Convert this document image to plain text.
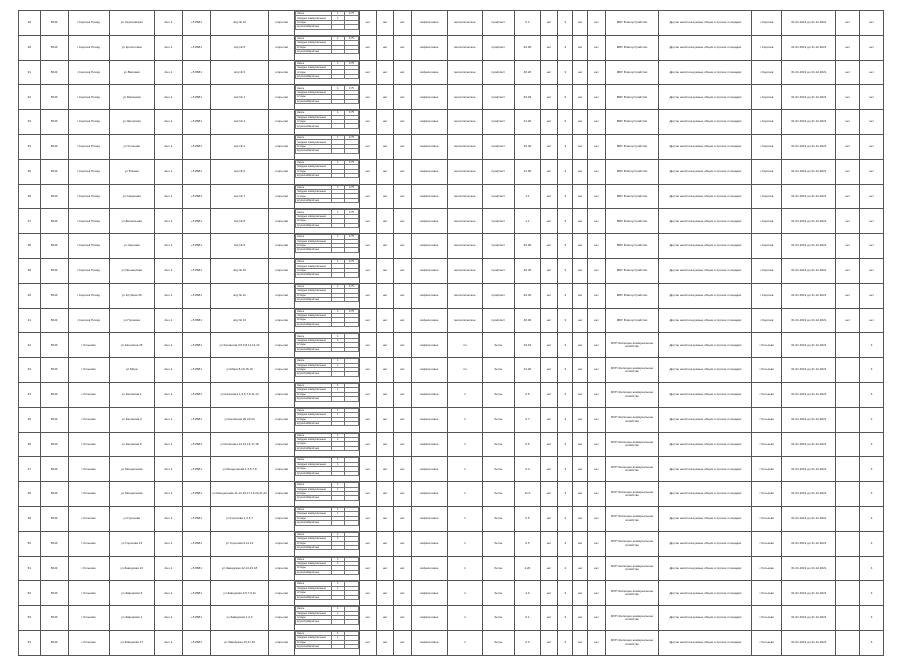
29	5043	г.Сергиев Посад	ул.Сергиевская	2а к.1	+5 8681	ж/д № 12	открытая	
смесь	1	0.75
твердые коммунальные	1	
отходы		
крупногабаритные		
	нет	нет	нет	асфальтовое	металлическое	профлист	0.4	нет	3	нет	нет	МБУ Благоустройство	Другие неиспользуемые общие и прочие площадки	г.Сергиев	01.01.2019 до 31.12.2021	нет	нет
30	5043	г.Сергиев Посад	ул.Кропоткина	2а к.1	+5 8681	ж/д № 5	открытая	
смесь	1	0.75
твердые коммунальные		
отходы		
крупногабаритные		
	нет	нет	нет	асфальтовое	металлическое	профлист	40.00	нет	3	нет	нет	МБУ Благоустройство	Другие неиспользуемые общие и прочие площадки	г.Сергиев	01.01.2019 до 31.12.2021	нет	нет
31	5043	г.Сергиев Посад	ул.Валовая	2а к.1	+5 8681	ж/д № 3	открытая	
смесь	1	0.75
твердые коммунальные		
отходы		
крупногабаритные		
	нет	нет	нет	асфальтовое	металлическое	профлист	40.20	нет	3	нет	нет	МБУ Благоустройство	Другие неиспользуемые общие и прочие площадки	г.Сергиев	01.01.2019 до 31.12.2021	нет	нет
32	5043	г.Сергиев Посад	ул.Матвеева	2а к.1	+5 8681	ж/д № 1	открытая	
смесь	1	0.75
твердые коммунальные		
отходы		
крупногабаритные		
	нет	нет	нет	асфальтовое	металлическое	профлист	40.29	нет	3	нет	нет	МБУ Благоустройство	Другие неиспользуемые общие и прочие площадки	г.Сергиев	01.01.2019 до 31.12.2021	нет	нет
33	5043	г.Сергиев Посад	ул.Загорская	2а к.1	+5 8681	ж/д № 4	открытая	
смесь	1	0.75
твердые коммунальные		
отходы		
крупногабаритные		
	нет	нет	нет	асфальтовое	металлическое	профлист	21.20	нет	3	нет	нет	МБУ Благоустройство	Другие неиспользуемые общие и прочие площадки	г.Сергиев	01.01.2019 до 31.12.2021	нет	нет
34	5043	г.Сергиев Посад	ул.Угольная	2а к.1	+5 8681	ж/д № 2	открытая	
смесь	1	0.75
твердые коммунальные		
отходы		
крупногабаритные		
	нет	нет	нет	асфальтовое	металлическое	профлист	40.40	нет	3	нет	нет	МБУ Благоустройство	Другие неиспользуемые общие и прочие площадки	г.Сергиев	01.01.2019 до 31.12.2021	нет	нет
35	5043	г.Сергиев Посад	ул.Южная	2а к.1	+5 8681	ж/д № 6	открытая	
смесь	1	0.75
твердые коммунальные		
отходы		
крупногабаритные		
	нет	нет	нет	асфальтовое	металлическое	профлист	21.00	нет	3	нет	нет	МБУ Благоустройство	Другие неиспользуемые общие и прочие площадки	г.Сергиев	01.01.2019 до 31.12.2021	нет	нет
36	5043	г.Сергиев Посад	ул.Смирнова	2а к.1	+5 8681	ж/д № 7	открытая	
смесь	1	0.75
твердые коммунальные		
отходы		
крупногабаритные		
	нет	нет	нет	асфальтовое	металлическое	профлист	1.1	нет	3	нет	нет	МБУ Благоустройство	Другие неиспользуемые общие и прочие площадки	г.Сергиев	01.01.2019 до 31.12.2021	нет	нет
37	5043	г.Сергиев Посад	ул.Вокзальная	2а к.1	+5 8681	ж/д № 8	открытая	
смесь	1	0.75
твердые коммунальные		
отходы		
крупногабаритные		
	нет	нет	нет	асфальтовое	металлическое	профлист	1.1	нет	3	нет	нет	МБУ Благоустройство	Другие неиспользуемые общие и прочие площадки	г.Сергиев	01.01.2019 до 31.12.2021	нет	нет
38	5043	г.Сергиев Посад	ул.Чернова	2а к.1	+5 8681	ж/д № 9	открытая	
смесь	1	0.75
твердые коммунальные		
отходы		
крупногабаритные		
	нет	нет	нет	асфальтовое	металлическое	профлист	40.00	нет	3	нет	нет	МБУ Благоустройство	Другие неиспользуемые общие и прочие площадки	г.Сергиев	01.01.2019 до 31.12.2021	нет	нет
39	5043	г.Сергиев Посад	ул.Пионерская	2а к.1	+5 8681	ж/д № 10	открытая	
смесь	1	0.75
твердые коммунальные		
отходы		
крупногабаритные		
	нет	нет	нет	асфальтовое	металлическое	профлист	40.40	нет	3	нет	нет	МБУ Благоустройство	Другие неиспользуемые общие и прочие площадки	г.Сергиев	01.01.2019 до 31.12.2021	нет	нет
40	5043	г.Сергиев Посад	ул.Клубная 26	2а к.1	+5 8681	ж/д № 11	открытая	
смесь	1	0.75
твердые коммунальные		
отходы		
крупногабаритные		
	нет	нет	нет	асфальтовое	металлическое	профлист	40.40	нет	3	нет	нет	МБУ Благоустройство	Другие неиспользуемые общие и прочие площадки	г.Сергиев	01.01.2019 до 31.12.2021	нет	нет
41	5043	г.Сергиев Посад	ул.Пушкина	2а к.1	+5 8681	ж/д № 13	открытая	
смесь	1	0.75
твердые коммунальные		
отходы		
крупногабаритные		
	нет	нет	нет	асфальтовое	металлическое	профлист	40.00	нет	3	нет	нет	МБУ Благоустройство	Другие неиспользуемые общие и прочие площадки	г.Сергиев	01.01.2019 до 31.12.2021	нет	нет
42	5043	г.Хотьково	ул.Калинина 25	2а к.1	+5 8681	ул.Калинина 4,5,6,8,11,12,13	открытая	
смесь	1	
твердые коммунальные	1	
отходы		
крупногабаритные		
	нет	нет	нет	асфальтовое	пп	бетон	10.16	нет	4	нет	нет	МУП Жилищно-коммунальное хозяйство	Другие неиспользуемые общие и прочие площадки	г.Хотьково	01.01.2019 до 31.12.2021		4
43	5043	г.Хотьково	ул.Мира	2а к.1	+5 8681	ул.Мира 8,10,15,16	открытая	
смесь	1	
твердые коммунальные	1	
отходы		
крупногабаритные		
	нет	нет	нет	асфальтовое	пп	бетон	12.20	нет	4	нет	нет	МУП Жилищно-коммунальное хозяйство	Другие неиспользуемые общие и прочие площадки	г.Хотьково	01.01.2019 до 31.12.2021		4
44	5043	г.Хотьково	ул.Калинина 1	2а к.1	+5 8681	ул.Калинина 1,3,5,7,9,11,13	открытая	
смесь	1	
твердые коммунальные	1	
отходы		
крупногабаритные		
	нет	нет	нет	асфальтовое	1	бетон	0.5	нет	4	нет	нет	МУП Жилищно-коммунальное хозяйство	Другие неиспользуемые общие и прочие площадки	г.Хотьково	01.01.2019 до 31.12.2021		4
45	5043	г.Хотьково	ул.Калинина 3	2а к.1	+5 8681	ул.Калинина 20,22,24	открытая	
смесь	1	
твердые коммунальные	1	
отходы		
крупногабаритные		
	нет	нет	нет	асфальтовое	1	бетон	0.7	нет	4	нет	нет	МУП Жилищно-коммунальное хозяйство	Другие неиспользуемые общие и прочие площадки	г.Хотьково	01.01.2019 до 31.12.2021		4
46	5043	г.Хотьково	ул.Калинина 6	2а к.1	+5 8681	ул.Калинина 14,15,16,17,18	открытая	
смесь	1	
твердые коммунальные	1	
отходы		
крупногабаритные		
	нет	нет	нет	асфальтовое	1	бетон	0.5	нет	4	нет	нет	МУП Жилищно-коммунальное хозяйство	Другие неиспользуемые общие и прочие площадки	г.Хотьково	01.01.2019 до 31.12.2021		4
47	5043	г.Хотьково	ул.Менделеева	2а к.1	+5 8681	ул.Менделеева 1,3,5,7,9	открытая	
смесь	1	
твердые коммунальные	1	
отходы		
крупногабаритные		
	нет	нет	нет	асфальтовое	1	бетон	0.4	нет	4	нет	нет	МУП Жилищно-коммунальное хозяйство	Другие неиспользуемые общие и прочие площадки	г.Хотьково	01.01.2019 до 31.12.2021		4
48	5043	г.Хотьково	ул.Менделеева	2а к.1	+5 8681	ул.Менделеева 11,13,15,17,19,20,21,22	открытая	
смесь	1	
твердые коммунальные	1	
отходы		
крупногабаритные		
	нет	нет	нет	асфальтовое	1	бетон	11.0	нет	4	нет	нет	МУП Жилищно-коммунальное хозяйство	Другие неиспользуемые общие и прочие площадки	г.Хотьково	01.01.2019 до 31.12.2021		4
49	5043	г.Хотьково	ул.Горохова	2а к.1	+5 8681	ул.Горохова 1,3,5,7	открытая	
смесь	1	
твердые коммунальные	1	
отходы		
крупногабаритные		
	нет	нет	нет	асфальтовое	1	бетон	0.5	нет	4	нет	нет	МУП Жилищно-коммунальное хозяйство	Другие неиспользуемые общие и прочие площадки	г.Хотьково	01.01.2019 до 31.12.2021		4
50	5043	г.Хотьково	ул.Горохова 13	2а к.1	+5 8681	ул.Горохова 9,11,13	открытая	
смесь	1	
твердые коммунальные	1	
отходы		
крупногабаритные		
	нет	нет	нет	асфальтовое	1	бетон	0.5	нет	4	нет	нет	МУП Жилищно-коммунальное хозяйство	Другие неиспользуемые общие и прочие площадки	г.Хотьково	01.01.2019 до 31.12.2021		4
51	5043	г.Хотьково	ул.Заводская 21	2а к.1	+5 8681	ул.Заводская 12,14,16,18	открытая	
смесь	1	
твердые коммунальные	1	
отходы		
крупногабаритные		
	нет	нет	нет	асфальтовое	1	бетон	4.20	нет	4	нет	нет	МУП Жилищно-коммунальное хозяйство	Другие неиспользуемые общие и прочие площадки	г.Хотьково	01.01.2019 до 31.12.2021		4
52	5043	г.Хотьково	ул.Заводская 5	2а к.1	+5 8681	ул.Заводская 3,5,7,9,11	открытая	
смесь	1	
твердые коммунальные	1	
отходы		
крупногабаритные		
	нет	нет	нет	асфальтовое	1	бетон	4.0	нет	4	нет	нет	МУП Жилищно-коммунальное хозяйство	Другие неиспользуемые общие и прочие площадки	г.Хотьково	01.01.2019 до 31.12.2021		4
53	5043	г.Хотьково	ул.Заводская 1	2а к.1	+5 8681	ул.Заводская 1,2,4	открытая	
смесь	1	
твердые коммунальные	1	
отходы		
крупногабаритные		
	нет	нет	нет	асфальтовое	1	бетон	0.1	нет	4	нет	нет	МУП Жилищно-коммунальное хозяйство	Другие неиспользуемые общие и прочие площадки	г.Хотьково	01.01.2019 до 31.12.2021		4
54	5043	г.Хотьково	ул.Заводская 17	2а к.1	+5 8681	ул.Заводская 15,17,19	открытая	
смесь	1	
твердые коммунальные	1	
отходы		
крупногабаритные		
	нет	нет	нет	асфальтовое	1	бетон	0.3	нет	4	нет	нет	МУП Жилищно-коммунальное хозяйство	Другие неиспользуемые общие и прочие площадки	г.Хотьково	01.01.2019 до 31.12.2021		4
